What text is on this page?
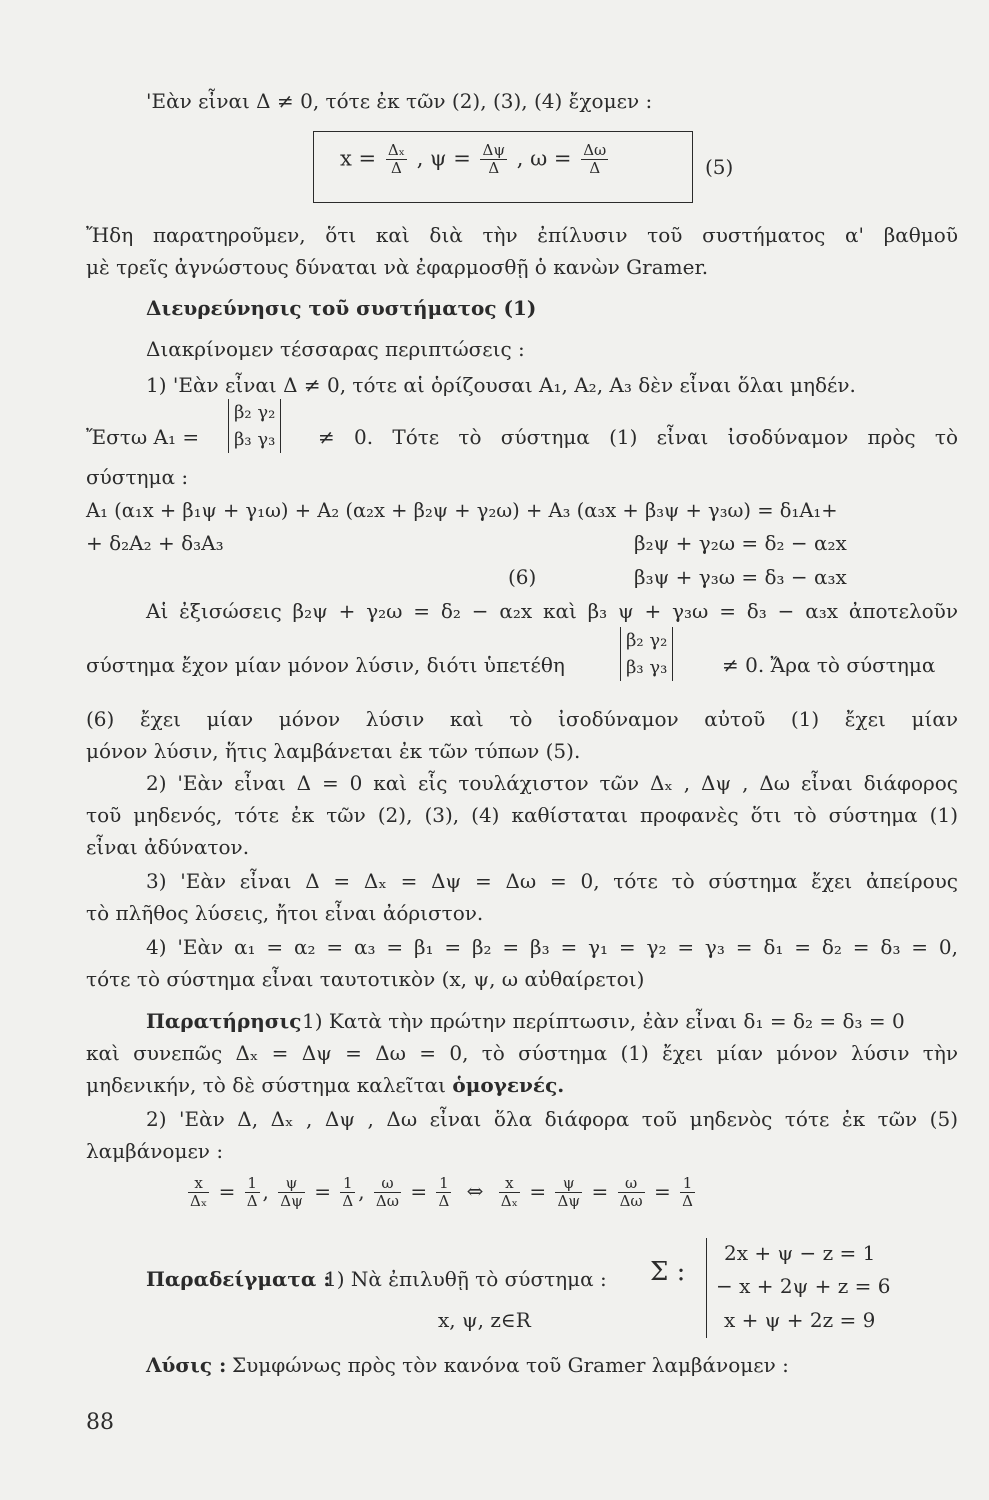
'Εὰν εἶναι Δ ≠ 0, τότε ἐκ τῶν (2), (3), (4) ἔχομεν :
$x = \frac{\text{Δₓ}}{\Delta}$ , $\psi = \frac{\Delta\psi}{\Delta}$ , $\omega = \frac{\Delta\omega}{\Delta}$	(5)
Ἤδη παρατηροῦμεν, ὅτι καὶ διὰ τὴν ἐπίλυσιν τοῦ συστήματος α' βαθμοῦ
μὲ τρεῖς ἀγνώστους δύναται νὰ ἐφαρμοσθῇ ὁ κανὼν Gramer.
Διευρεύνησις τοῦ συστήματος (1)
Διακρίνομεν τέσσαρας περιπτώσεις :
1) 'Εὰν εἶναι Δ ≠ 0, τότε αἱ ὁρίζουσαι A₁, A₂, A₃ δὲν εἶναι ὅλαι μηδέν.
Ἔστω A₁ =
β₂ γ₂
β₃ γ₃ ≠ 0. Τότε τὸ σύστημα (1) εἶναι ἰσοδύναμον πρὸς τὸ
σύστημα :
A₁ (α₁x + β₁ψ + γ₁ω) + A₂ (α₂x + β₂ψ + γ₂ω) + A₃ (α₃x + β₃ψ + γ₃ω) = δ₁A₁+
+ δ₂A₂ + δ₃A₃	β₂ψ + γ₂ω = δ₂ − α₂x
(6)	β₃ψ + γ₃ω = δ₃ − α₃x
Αἱ ἐξισώσεις β₂ψ + γ₂ω = δ₂ − α₂x καὶ β₃ ψ + γ₃ω = δ₃ − α₃x ἀποτελοῦν
σύστημα ἔχον μίαν μόνον λύσιν, διότι ὑπετέθη
β₂ γ₂
β₃ γ₃	≠ 0. Ἄρα τὸ σύστημα
(6) ἔχει μίαν μόνον λύσιν καὶ τὸ ἰσοδύναμον αὐτοῦ (1) ἔχει μίαν
μόνον λύσιν, ἥτις λαμβάνεται ἐκ τῶν τύπων (5).
2) 'Εὰν εἶναι Δ = 0 καὶ εἷς τουλάχιστον τῶν Δₓ , Δψ , Δω εἶναι διάφορος
τοῦ μηδενός, τότε ἐκ τῶν (2), (3), (4) καθίσταται προφανὲς ὅτι τὸ σύστημα (1)
εἶναι ἀδύνατον.
3) 'Εὰν εἶναι Δ = Δₓ = Δψ = Δω = 0, τότε τὸ σύστημα ἔχει ἀπείρους
τὸ πλῆθος λύσεις, ἤτοι εἶναι ἀόριστον.
4) 'Εὰν α₁ = α₂ = α₃ = β₁ = β₂ = β₃ = γ₁ = γ₂ = γ₃ = δ₁ = δ₂ = δ₃ = 0,
τότε τὸ σύστημα εἶναι ταυτοτικὸν (x, ψ, ω αὐθαίρετοι)
Παρατήρησις 1) Κατὰ τὴν πρώτην περίπτωσιν, ἐὰν εἶναι δ₁ = δ₂ = δ₃ = 0
καὶ συνεπῶς Δₓ = Δψ = Δω = 0, τὸ σύστημα (1) ἔχει μίαν μόνον λύσιν τὴν
μηδενικήν, τὸ δὲ σύστημα καλεῖται ὁμογενές.
2) 'Εὰν Δ, Δₓ , Δψ , Δω εἶναι ὅλα διάφορα τοῦ μηδενὸς τότε ἐκ τῶν (5)
λαμβάνομεν :
$\frac{x}{\text{Δₓ}} = \frac{1}{\Delta}$ , $\frac{\psi}{\Delta\psi} = \frac{1}{\Delta}$ , $\frac{\omega}{\Delta\omega} = \frac{1}{\Delta}$ ⇔ $\frac{x}{\text{Δₓ}} = \frac{\psi}{\Delta\psi} = \frac{\omega}{\Delta\omega} = \frac{1}{\Delta}$
Παραδείγματα :
1) Νὰ ἐπιλυθῇ τὸ σύστημα : Σ :
2x + ψ − z = 1
− x + 2ψ + z = 6
x + ψ + 2z = 9
x, ψ, z∈R
Λύσις : Συμφώνως πρὸς τὸν κανόνα τοῦ Gramer λαμβάνομεν :
88
